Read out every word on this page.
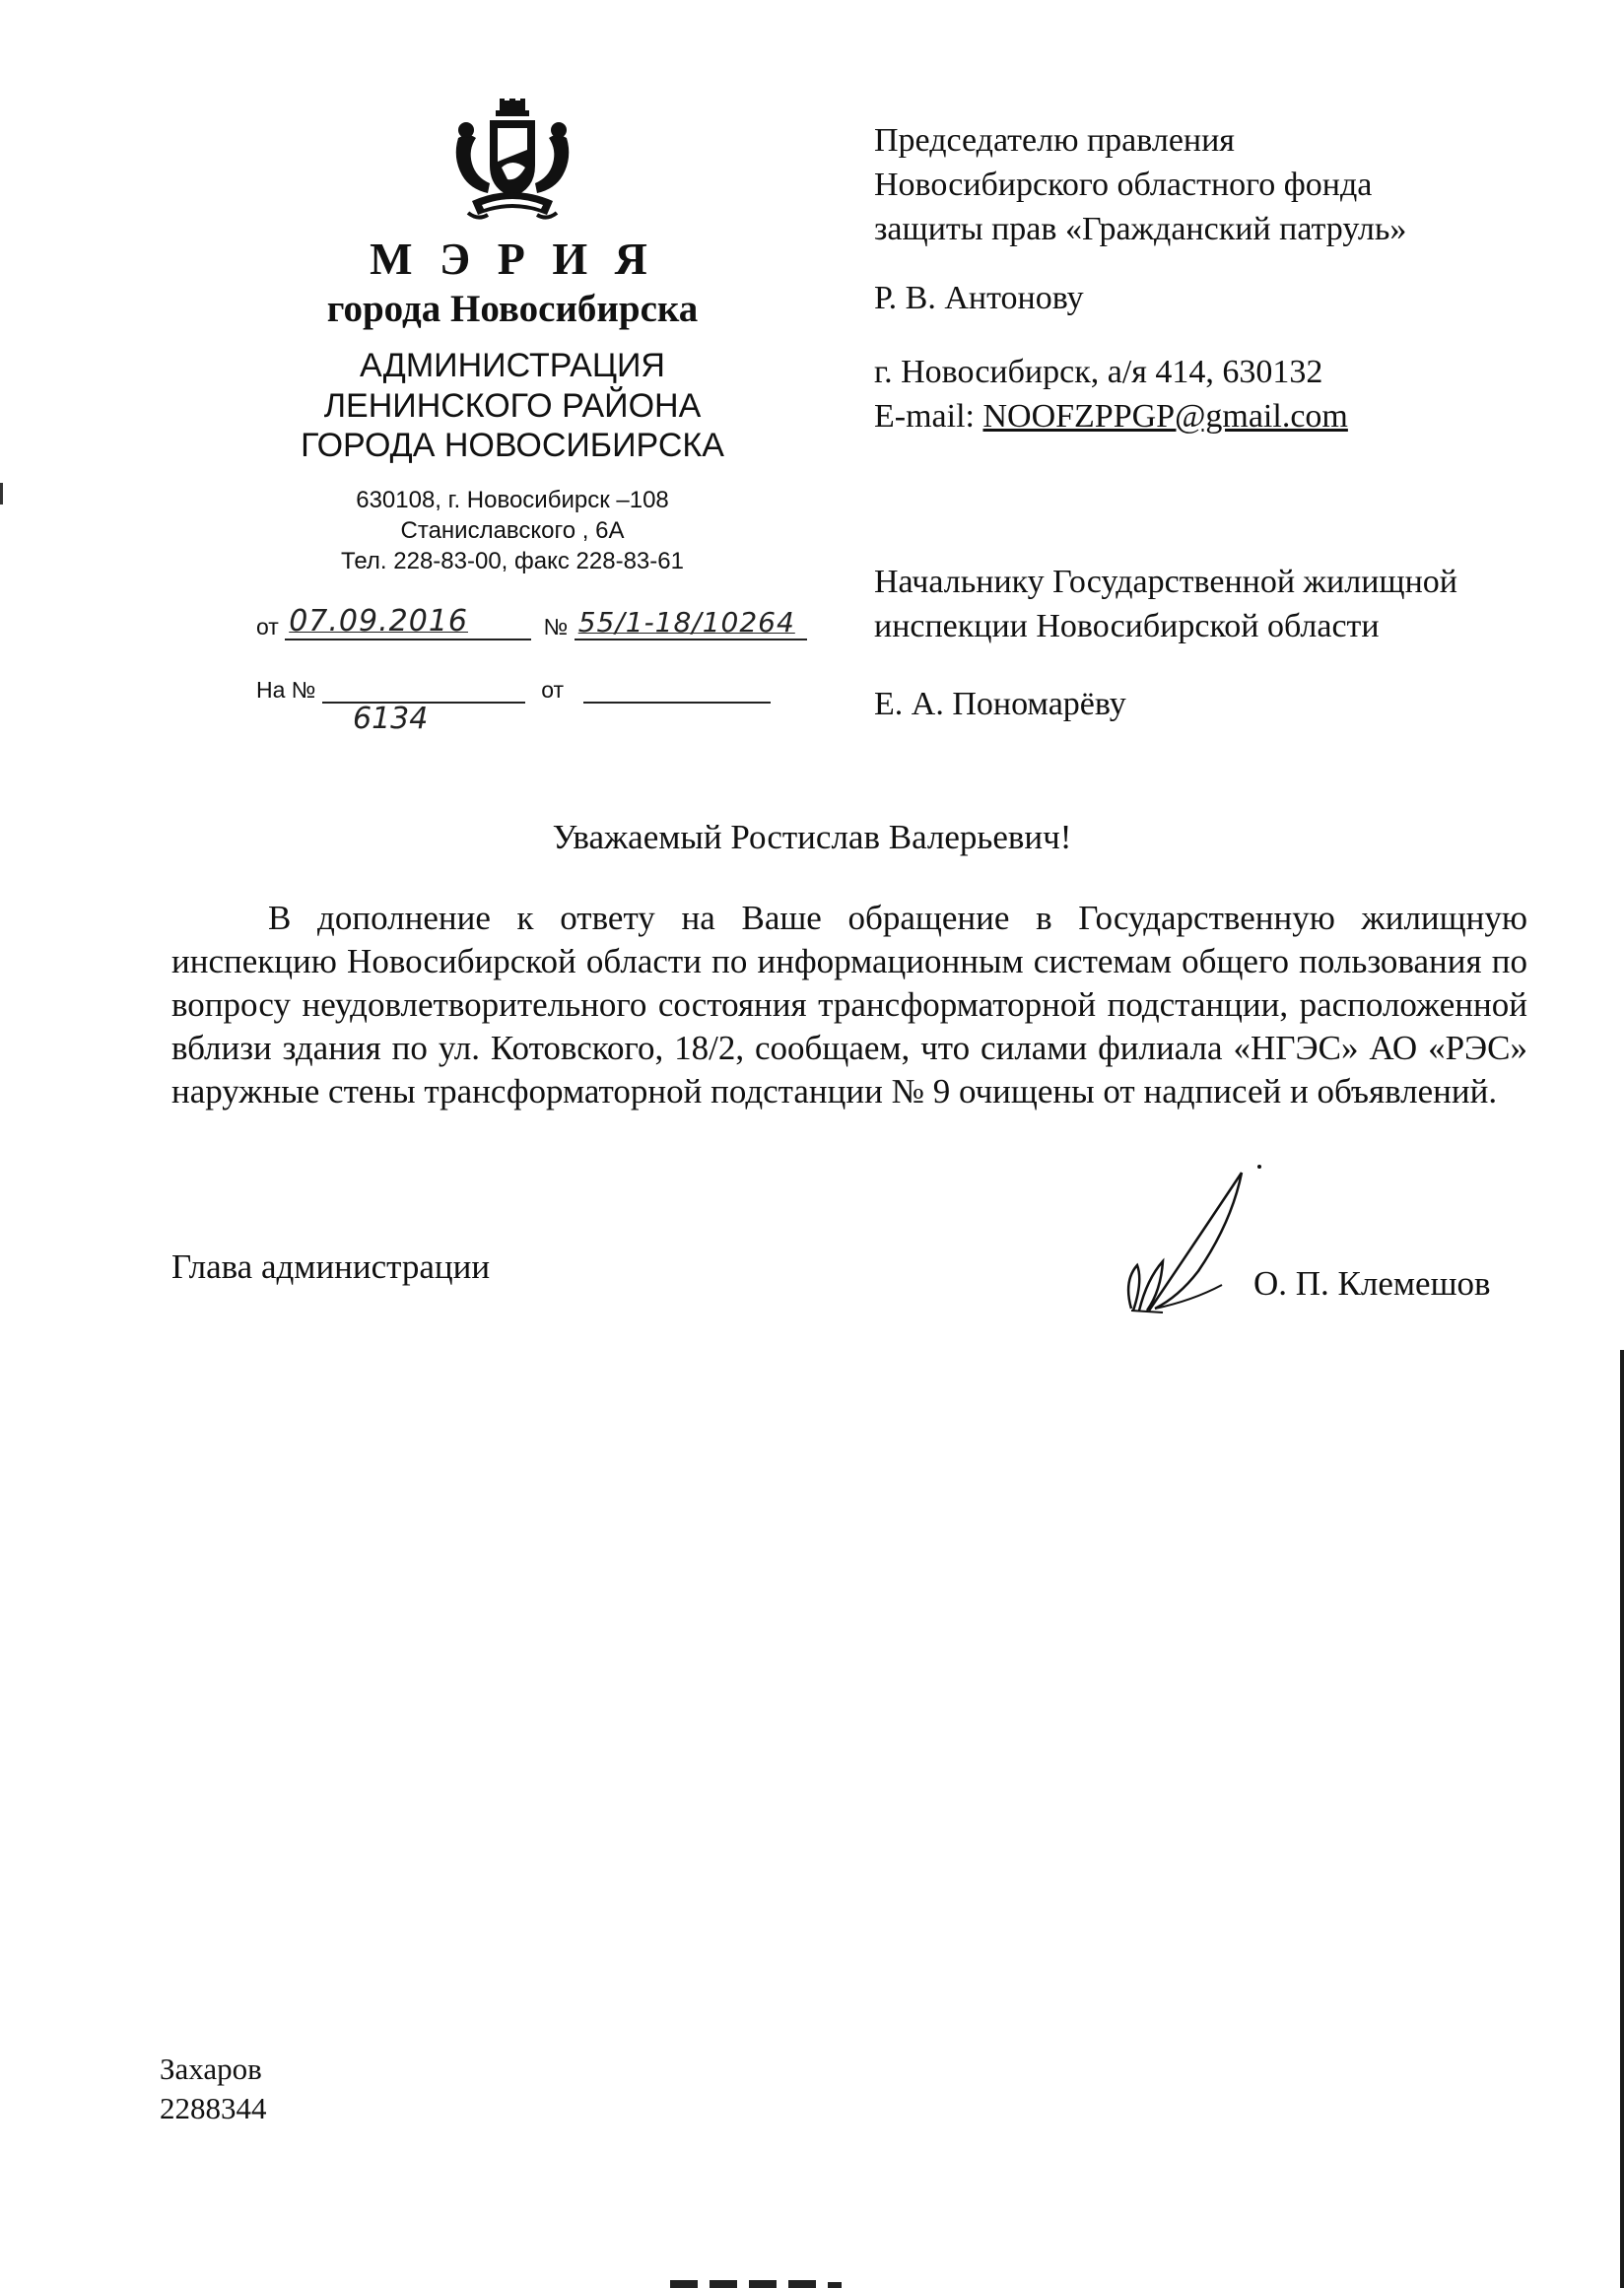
М Э Р И Я
города Новосибирска
АДМИНИСТРАЦИЯ
ЛЕНИНСКОГО РАЙОНА
ГОРОДА НОВОСИБИРСКА
630108, г. Новосибирск –108
Станиславского , 6А
Тел. 228-83-00, факс 228-83-61
от 07.09.2016	№ 55/1-18/10264
На №	от
6134
Председателю правления
Новосибирского областного фонда
защиты прав «Гражданский патруль»
Р. В. Антонову
г. Новосибирск, а/я 414, 630132
E-mail: NOOFZPPGP@gmail.com
Начальнику Государственной жилищной
инспекции Новосибирской области
Е. А. Пономарёву
Уважаемый Ростислав Валерьевич!
В дополнение к ответу на Ваше обращение в Государственную жилищную инспекцию Новосибирской области по информационным системам общего пользования по вопросу неудовлетворительного состояния трансформаторной подстанции, расположенной вблизи здания по ул. Котовского, 18/2, сообщаем, что силами филиала «НГЭС» АО «РЭС» наружные стены трансформаторной подстанции № 9 очищены от надписей и объявлений.
Глава администрации	О. П. Клемешов
Захаров
2288344
